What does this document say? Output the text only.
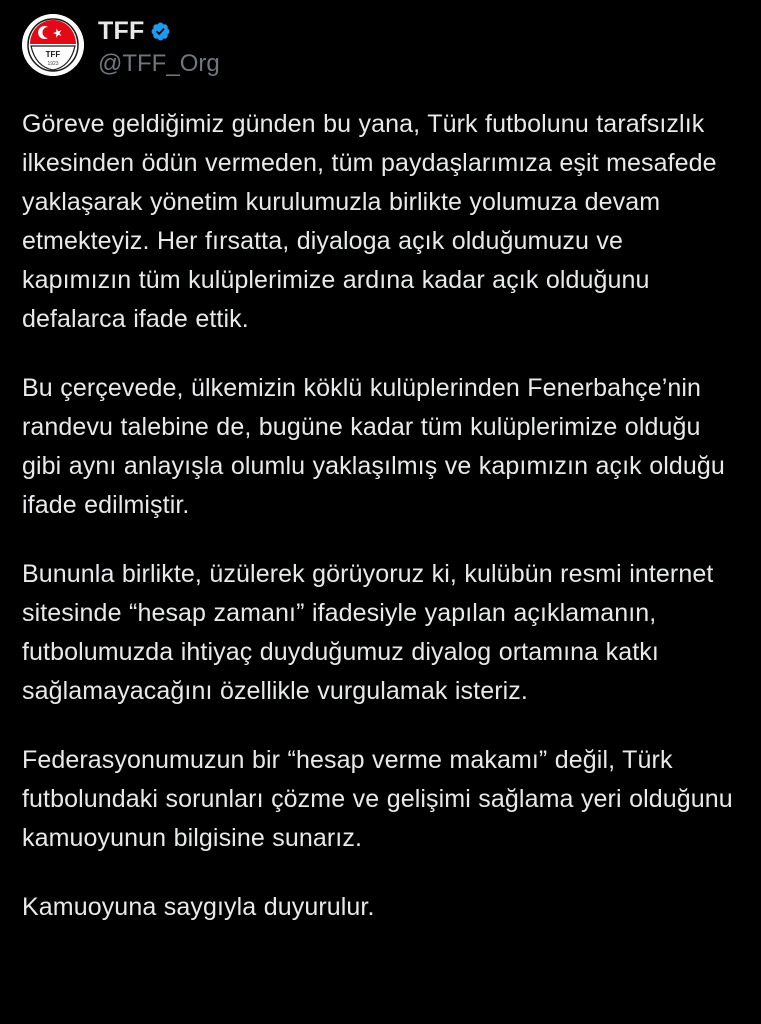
TFF
1923
TFF
@TFF_Org

Göreve geldiğimiz günden bu yana, Türk futbolunu tarafsızlık ilkesinden ödün vermeden, tüm paydaşlarımıza eşit mesafede yaklaşarak yönetim kurulumuzla birlikte yolumuza devam etmekteyiz. Her fırsatta, diyaloga açık olduğumuzu ve kapımızın tüm kulüplerimize ardına kadar açık olduğunu defalarca ifade ettik.

Bu çerçevede, ülkemizin köklü kulüplerinden Fenerbahçe’nin randevu talebine de, bugüne kadar tüm kulüplerimize olduğu gibi aynı anlayışla olumlu yaklaşılmış ve kapımızın açık olduğu ifade edilmiştir.

Bununla birlikte, üzülerek görüyoruz ki, kulübün resmi internet sitesinde “hesap zamanı” ifadesiyle yapılan açıklamanın, futbolumuzda ihtiyaç duyduğumuz diyalog ortamına katkı sağlamayacağını özellikle vurgulamak isteriz.

Federasyonumuzun bir “hesap verme makamı” değil, Türk futbolundaki sorunları çözme ve gelişimi sağlama yeri olduğunu kamuoyunun bilgisine sunarız.

Kamuoyuna saygıyla duyurulur.
